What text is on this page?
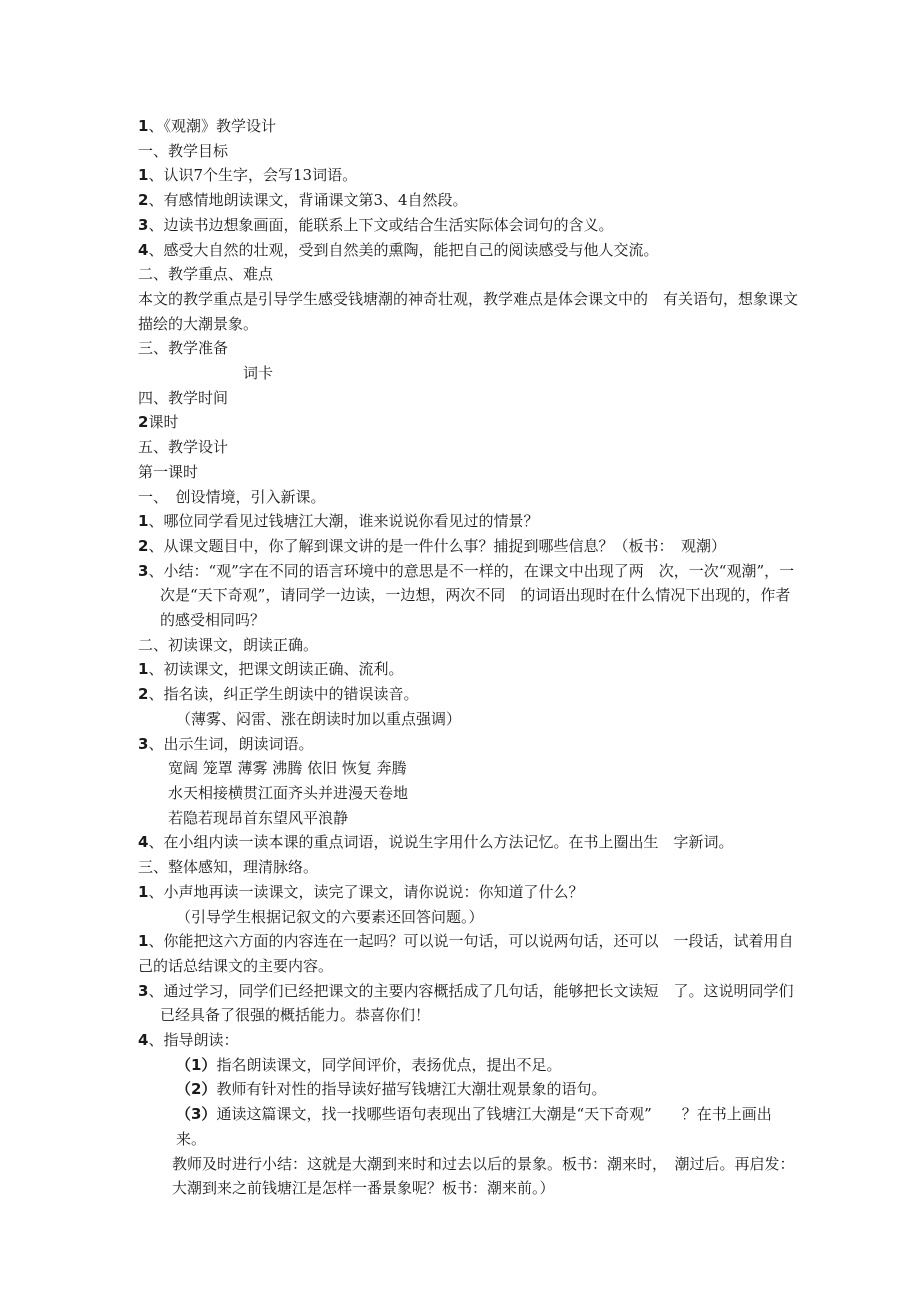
1、《观潮》教学设计
一、教学目标
1、认识7个生字，会写13词语。
2、有感情地朗读课文，背诵课文第3、4自然段。
3、边读书边想象画面，能联系上下文或结合生活实际体会词句的含义。
4、感受大自然的壮观，受到自然美的熏陶，能把自己的阅读感受与他人交流。
二、教学重点、难点
本文的教学重点是引导学生感受钱塘潮的神奇壮观，教学难点是体会课文中的　有关语句，想象课文描绘的大潮景象。
三、教学准备
词卡
四、教学时间
2课时
五、教学设计
第一课时
一、　创设情境，引入新课。
1、哪位同学看见过钱塘江大潮，谁来说说你看见过的情景？
2、从课文题目中，你了解到课文讲的是一件什么事？捕捉到哪些信息？（板书：　观潮）
3、小结：“观”字在不同的语言环境中的意思是不一样的，在课文中出现了两　次，一次“观潮”，一次是“天下奇观”，请同学一边读，一边想，两次不同　的词语出现时在什么情况下出现的，作者的感受相同吗？
二、初读课文，朗读正确。
1、初读课文，把课文朗读正确、流利。
2、指名读，纠正学生朗读中的错误读音。
（薄雾、闷雷、涨在朗读时加以重点强调）
3、出示生词，朗读词语。
宽阔 笼罩 薄雾 沸腾 依旧 恢复 奔腾
水天相接横贯江面齐头并进漫天卷地
若隐若现昂首东望风平浪静
4、在小组内读一读本课的重点词语，说说生字用什么方法记忆。在书上圈出生　字新词。
三、整体感知，理清脉络。
1、小声地再读一读课文，读完了课文，请你说说：你知道了什么？
（引导学生根据记叙文的六要素还回答问题。）
1、你能把这六方面的内容连在一起吗？可以说一句话，可以说两句话，还可以　一段话，试着用自己的话总结课文的主要内容。
3、通过学习，同学们已经把课文的主要内容概括成了几句话，能够把长文读短　了。这说明同学们已经具备了很强的概括能力。恭喜你们！
4、指导朗读：
（1）指名朗读课文，同学间评价，表扬优点，提出不足。
（2）教师有针对性的指导读好描写钱塘江大潮壮观景象的语句。
（3）通读这篇课文，找一找哪些语句表现出了钱塘江大潮是“天下奇观”　　？在书上画出来。
教师及时进行小结：这就是大潮到来时和过去以后的景象。板书：潮来时，　潮过后。再启发：大潮到来之前钱塘江是怎样一番景象呢？板书：潮来前。）
